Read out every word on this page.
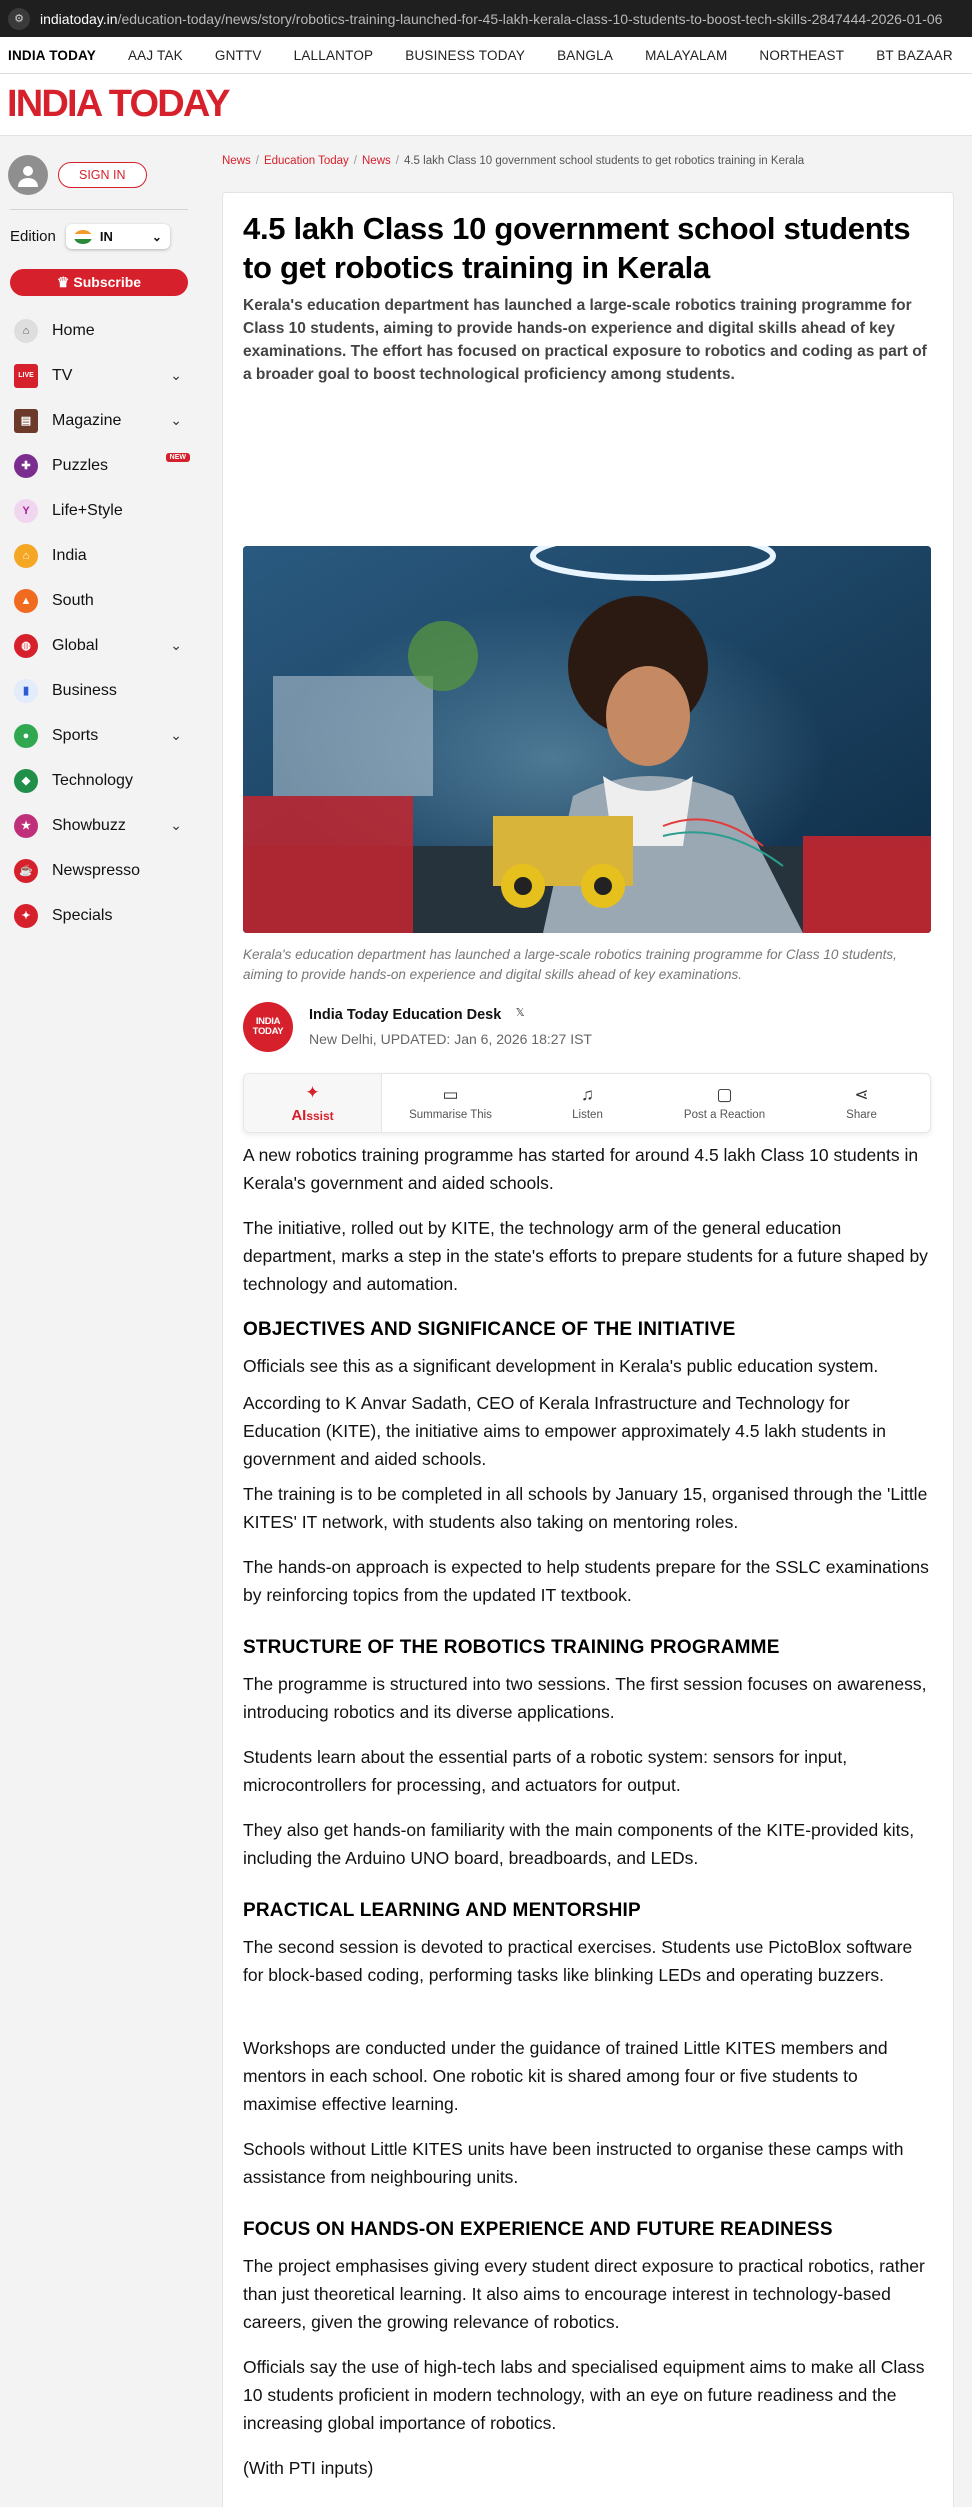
⚙	indiatoday.in/education-today/news/story/robotics-training-launched-for-45-lakh-kerala-class-10-students-to-boost-tech-skills-2847444-2026-01-06
INDIA TODAY	AAJ TAK	GNTTV	LALLANTOP	BUSINESS TODAY	BANGLA	MALAYALAM	NORTHEAST	BT BAZAAR
INDIA TODAY
SIGN IN
Edition	IN	⌄
♛ Subscribe
⌂	Home
LIVE TV	⌄
▤	Magazine	⌄
✚	Puzzles	NEW
Y	Life+Style
⌂	India
▲	South
◍	Global	⌄
▮	Business
●	Sports	⌄
◆	Technology
★	Showbuzz	⌄
☕	Newspresso
✦	Specials
News / Education Today / News / 4.5 lakh Class 10 government school students to get robotics training in Kerala
4.5 lakh Class 10 government school students to get robotics training in Kerala

Kerala's education department has launched a large-scale robotics training programme for Class 10 students, aiming to provide hands-on experience and digital skills ahead of key examinations. The effort has focused on practical exposure to robotics and coding as part of a broader goal to boost technological proficiency among students.

Kerala's education department has launched a large-scale robotics training programme for Class 10 students, aiming to provide hands-on experience and digital skills ahead of key examinations.

INDIA
TODAY
India Today Education Desk 𝕏
New Delhi, UPDATED: Jan 6, 2026 18:27 IST
✦
AIssist
▭
Summarise This
♫
Listen
▢
Post a Reaction
⋖
Share

A new robotics training programme has started for around 4.5 lakh Class 10 students in Kerala's government and aided schools.

The initiative, rolled out by KITE, the technology arm of the general education department, marks a step in the state's efforts to prepare students for a future shaped by technology and automation.

OBJECTIVES AND SIGNIFICANCE OF THE INITIATIVE

Officials see this as a significant development in Kerala's public education system.

According to K Anvar Sadath, CEO of Kerala Infrastructure and Technology for Education (KITE), the initiative aims to empower approximately 4.5 lakh students in government and aided schools.

The training is to be completed in all schools by January 15, organised through the 'Little KITES' IT network, with students also taking on mentoring roles.

The hands-on approach is expected to help students prepare for the SSLC examinations by reinforcing topics from the updated IT textbook.

STRUCTURE OF THE ROBOTICS TRAINING PROGRAMME

The programme is structured into two sessions. The first session focuses on awareness, introducing robotics and its diverse applications.

Students learn about the essential parts of a robotic system: sensors for input, microcontrollers for processing, and actuators for output.

They also get hands-on familiarity with the main components of the KITE-provided kits, including the Arduino UNO board, breadboards, and LEDs.

PRACTICAL LEARNING AND MENTORSHIP

The second session is devoted to practical exercises. Students use PictoBlox software for block-based coding, performing tasks like blinking LEDs and operating buzzers.

Workshops are conducted under the guidance of trained Little KITES members and mentors in each school. One robotic kit is shared among four or five students to maximise effective learning.

Schools without Little KITES units have been instructed to organise these camps with assistance from neighbouring units.

FOCUS ON HANDS-ON EXPERIENCE AND FUTURE READINESS

The project emphasises giving every student direct exposure to practical robotics, rather than just theoretical learning. It also aims to encourage interest in technology-based careers, given the growing relevance of robotics.

Officials say the use of high-tech labs and specialised equipment aims to make all Class 10 students proficient in modern technology, with an eye on future readiness and the increasing global importance of robotics.

(With PTI inputs)
